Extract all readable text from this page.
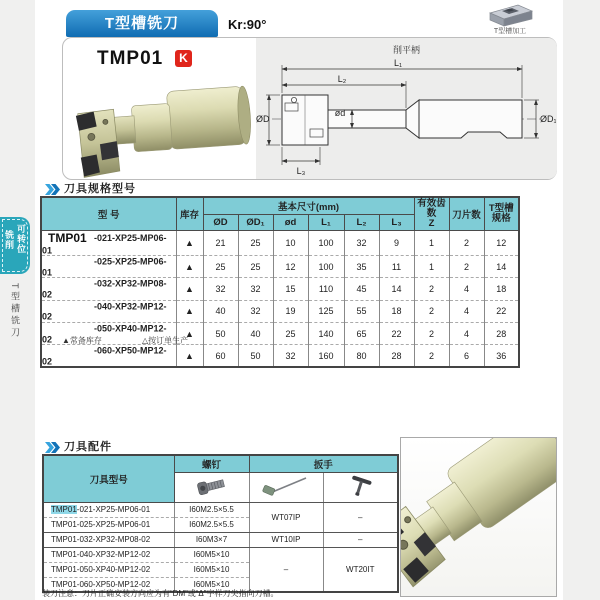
T型槽铣刀	Kr:90°	T型槽加工
TMP01	K
削平柄
L₁
L₂
ØD	ØD₁
ød
L₃
刀具规格型号
型 号	库存	基本尺寸(mm)						有效齿数
Z	刀片数	T型槽
规格

		ØD	ØD₁	ød	L₁	L₂	L₃			
TMP01 -021-XP25-MP06-01	▲	21	25	10	100	32	9	1	2	12
-025-XP25-MP06-01	▲	25	25	12	100	35	11	1	2	14
-032-XP32-MP08-02	▲	32	32	15	110	45	14	2	4	18
-040-XP32-MP12-02	▲	40	32	19	125	55	18	2	4	22
-050-XP40-MP12-02	▲	50	40	25	140	65	22	2	4	28
-060-XP50-MP12-02	▲	60	50	32	160	80	28	2	6	36
▲常备库存	△按订单生产
刀具配件
刀具型号	螺钉	扳手	

TMP01-021-XP25-MP06-01	I60M2.5×5.5	WT07IP	–
TMP01-025-XP25-MP06-01	I60M2.5×5.5		
TMP01-032-XP32-MP08-02	I60M3×7	WT10IP	–
TMP01-040-XP32-MP12-02	I60M5×10	–	WT20IT
TMP01-050-XP40-MP12-02	I60M5×10		
TMP01-060-XP50-MP12-02	I60M5×10		
装刀注意：刀片正确安装方向应为有“DM”或“Δ”字样刀尖指向刀槽。
可转位 铣削
T型槽铣刀
